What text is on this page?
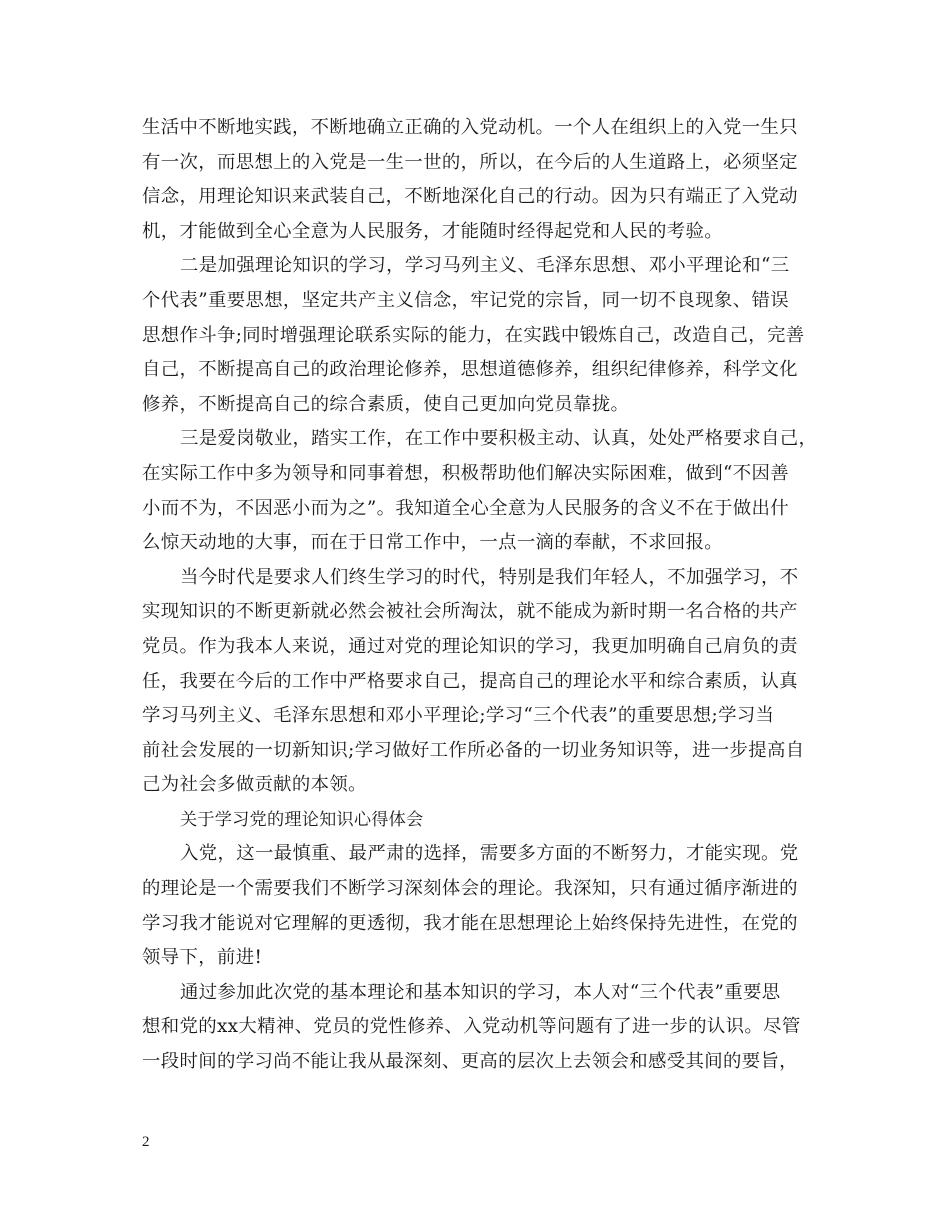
生活中不断地实践，不断地确立正确的入党动机。一个人在组织上的入党一生只
有一次，而思想上的入党是一生一世的，所以，在今后的人生道路上，必须坚定
信念，用理论知识来武装自己，不断地深化自己的行动。因为只有端正了入党动
机，才能做到全心全意为人民服务，才能随时经得起党和人民的考验。
二是加强理论知识的学习，学习马列主义、毛泽东思想、邓小平理论和“三
个代表”重要思想，坚定共产主义信念，牢记党的宗旨，同一切不良现象、错误
思想作斗争;同时增强理论联系实际的能力，在实践中锻炼自己，改造自己，完善
自己，不断提高自己的政治理论修养，思想道德修养，组织纪律修养，科学文化
修养，不断提高自己的综合素质，使自己更加向党员靠拢。
三是爱岗敬业，踏实工作，在工作中要积极主动、认真，处处严格要求自己，
在实际工作中多为领导和同事着想，积极帮助他们解决实际困难，做到“不因善
小而不为，不因恶小而为之”。我知道全心全意为人民服务的含义不在于做出什
么惊天动地的大事，而在于日常工作中，一点一滴的奉献，不求回报。
当今时代是要求人们终生学习的时代，特别是我们年轻人，不加强学习，不
实现知识的不断更新就必然会被社会所淘汰，就不能成为新时期一名合格的共产
党员。作为我本人来说，通过对党的理论知识的学习，我更加明确自己肩负的责
任，我要在今后的工作中严格要求自己，提高自己的理论水平和综合素质，认真
学习马列主义、毛泽东思想和邓小平理论;学习“三个代表”的重要思想;学习当
前社会发展的一切新知识;学习做好工作所必备的一切业务知识等，进一步提高自
己为社会多做贡献的本领。
关于学习党的理论知识心得体会
入党，这一最慎重、最严肃的选择，需要多方面的不断努力，才能实现。党
的理论是一个需要我们不断学习深刻体会的理论。我深知，只有通过循序渐进的
学习我才能说对它理解的更透彻，我才能在思想理论上始终保持先进性，在党的
领导下，前进!
通过参加此次党的基本理论和基本知识的学习，本人对“三个代表”重要思
想和党的xx大精神、党员的党性修养、入党动机等问题有了进一步的认识。尽管
一段时间的学习尚不能让我从最深刻、更高的层次上去领会和感受其间的要旨，
2
